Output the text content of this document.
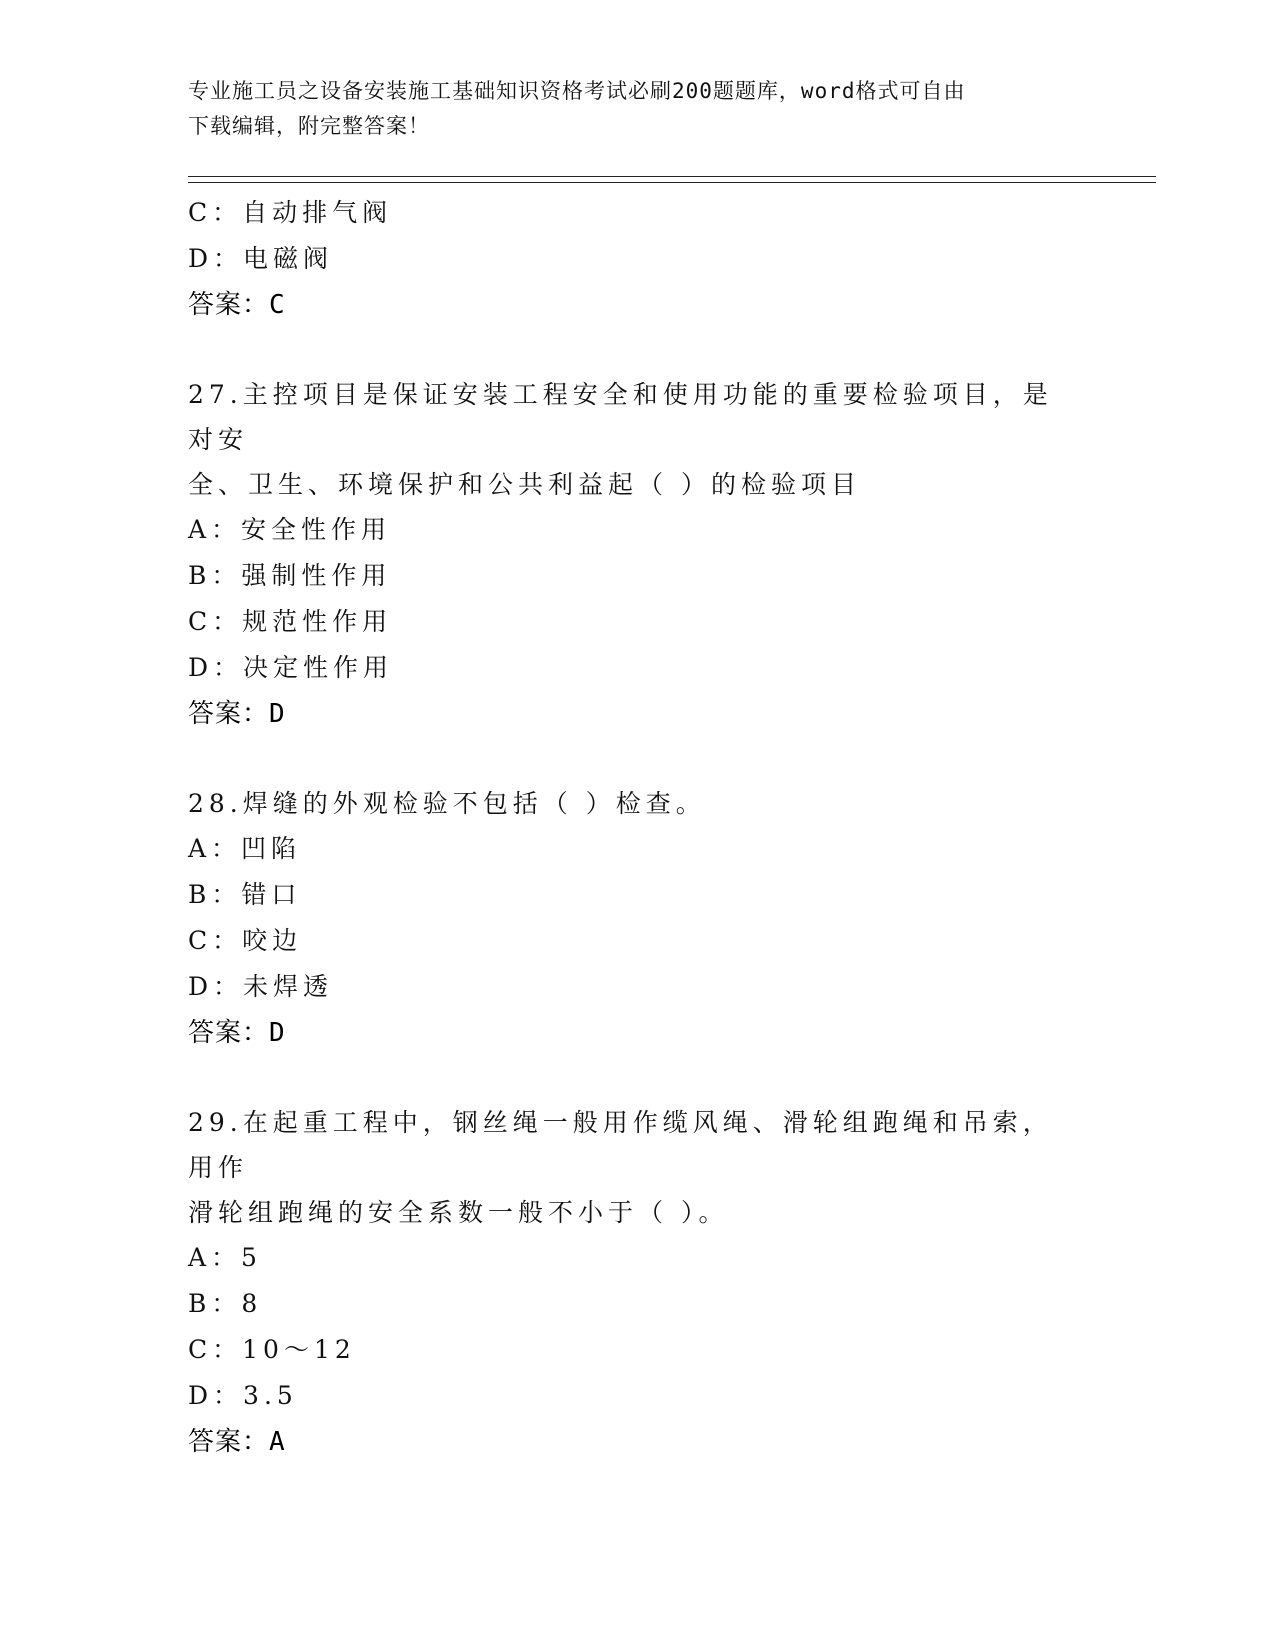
专业施工员之设备安装施工基础知识资格考试必刷200题题库，word格式可自由
下载编辑，附完整答案！
C：自动排气阀
D：电磁阀
答案：C
27.主控项目是保证安装工程安全和使用功能的重要检验项目，是对安
全、卫生、环境保护和公共利益起（ ）的检验项目
A：安全性作用
B：强制性作用
C：规范性作用
D：决定性作用
答案：D
28.焊缝的外观检验不包括（ ）检查。
A：凹陷
B：错口
C：咬边
D：未焊透
答案：D
29.在起重工程中，钢丝绳一般用作缆风绳、滑轮组跑绳和吊索，用作
滑轮组跑绳的安全系数一般不小于（ ）。
A：5
B：8
C：10～12
D：3.5
答案：A
